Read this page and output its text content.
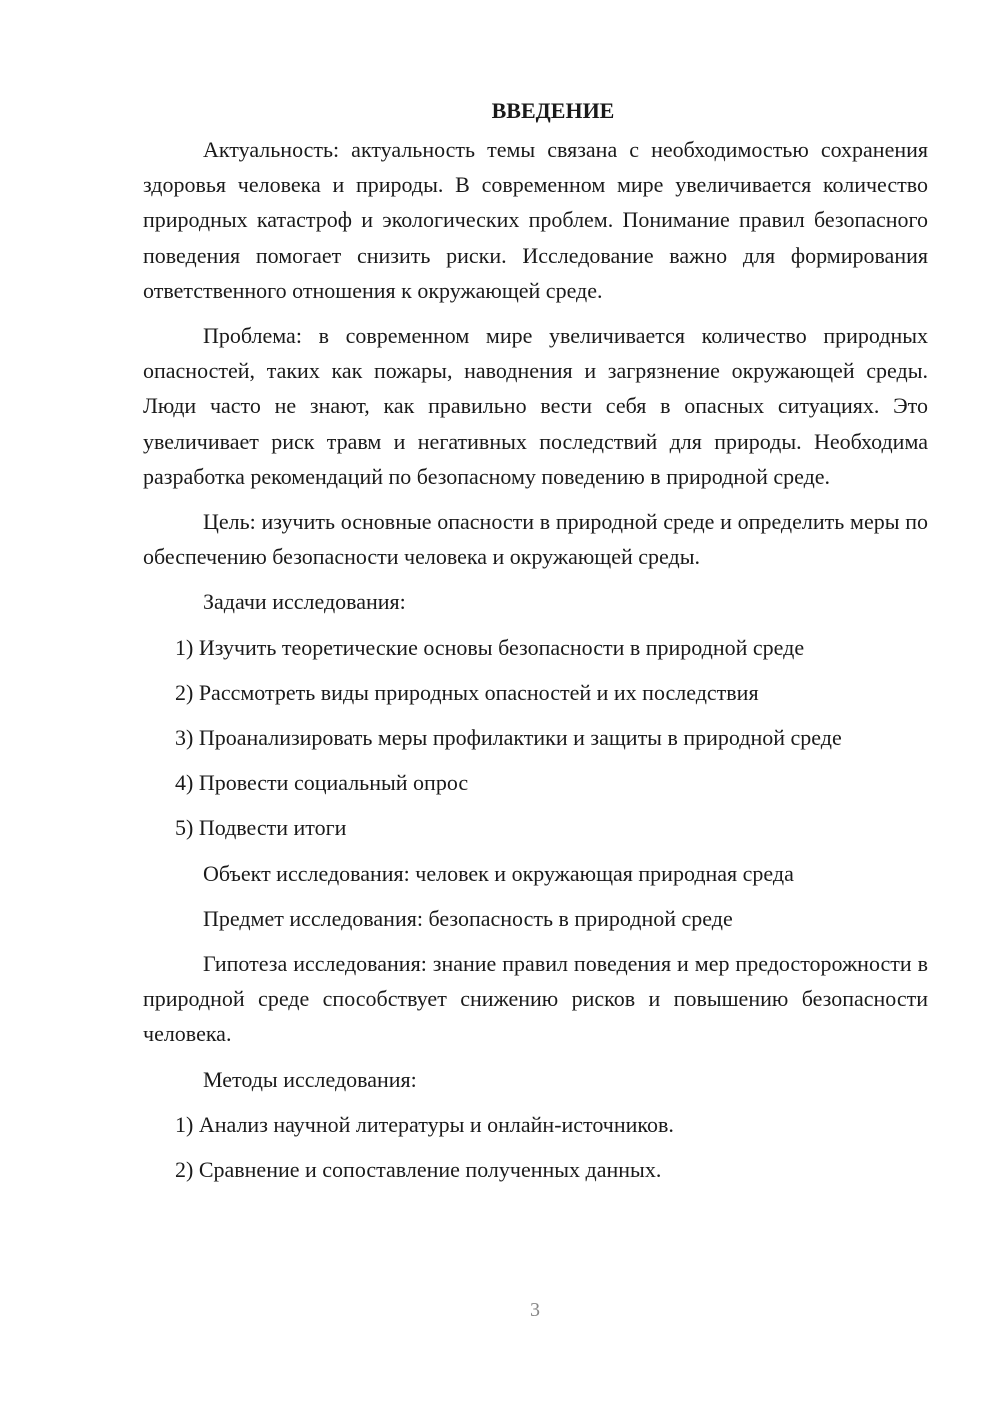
ВВЕДЕНИЕ

Актуальность: актуальность темы связана с необходимостью сохранения здоровья человека и природы. В современном мире увеличивается количество природных катастроф и экологических проблем. Понимание правил безопасного поведения помогает снизить риски. Исследование важно для формирования ответственного отношения к окружающей среде.

Проблема: в современном мире увеличивается количество природных опасностей, таких как пожары, наводнения и загрязнение окружающей среды. Люди часто не знают, как правильно вести себя в опасных ситуациях. Это увеличивает риск травм и негативных последствий для природы. Необходима разработка рекомендаций по безопасному поведению в природной среде.

Цель: изучить основные опасности в природной среде и определить меры по обеспечению безопасности человека и окружающей среды.

Задачи исследования:

1) Изучить теоретические основы безопасности в природной среде

2) Рассмотреть виды природных опасностей и их последствия

3) Проанализировать меры профилактики и защиты в природной среде

4) Провести социальный опрос

5) Подвести итоги

Объект исследования: человек и окружающая природная среда

Предмет исследования: безопасность в природной среде

Гипотеза исследования: знание правил поведения и мер предосторожности в природной среде способствует снижению рисков и повышению безопасности человека.

Методы исследования:

1) Анализ научной литературы и онлайн-источников.

2) Сравнение и сопоставление полученных данных.

3
